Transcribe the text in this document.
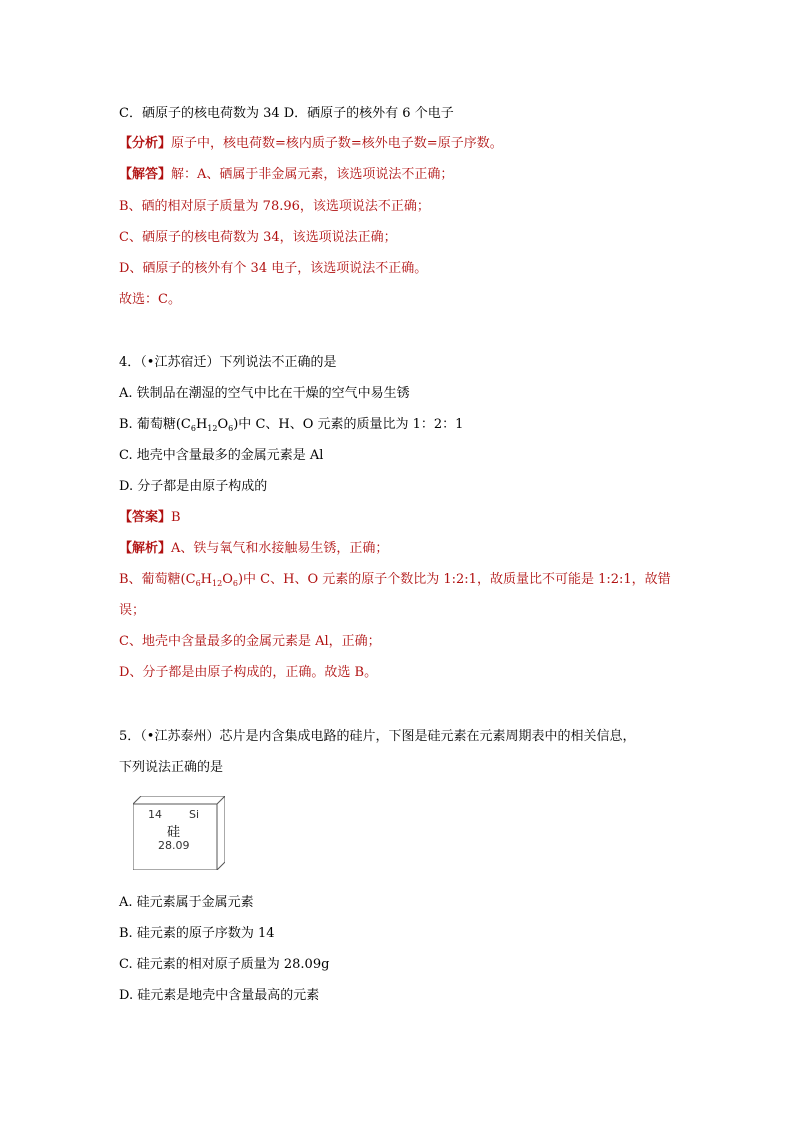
C．硒原子的核电荷数为 34 D．硒原子的核外有 6 个电子
【分析】原子中，核电荷数=核内质子数=核外电子数=原子序数。
【解答】解：A、硒属于非金属元素，该选项说法不正确；
B、硒的相对原子质量为 78.96，该选项说法不正确；
C、硒原子的核电荷数为 34，该选项说法正确；
D、硒原子的核外有个 34 电子，该选项说法不正确。
故选：C。
4．（•江苏宿迁）下列说法不正确的是
A. 铁制品在潮湿的空气中比在干燥的空气中易生锈
B. 葡萄糖$(C_6H_{12}O_6)$中 C、H、O 元素的质量比为 1：2：1
C. 地壳中含量最多的金属元素是 Al
D. 分子都是由原子构成的
【答案】B
【解析】A、铁与氧气和水接触易生锈，正确；
B、葡萄糖$(C_6H_{12}O_6)$中 C、H、O 元素的原子个数比为 1:2:1，故质量比不可能是 1:2:1，故错
误；
C、地壳中含量最多的金属元素是 Al，正确；
D、分子都是由原子构成的，正确。故选 B。
5．（•江苏泰州）芯片是内含集成电路的硅片，下图是硅元素在元素周期表中的相关信息，
下列说法正确的是
14 Si
硅
28.09
A. 硅元素属于金属元素
B. 硅元素的原子序数为 14
C. 硅元素的相对原子质量为 28.09g
D. 硅元素是地壳中含量最高的元素
